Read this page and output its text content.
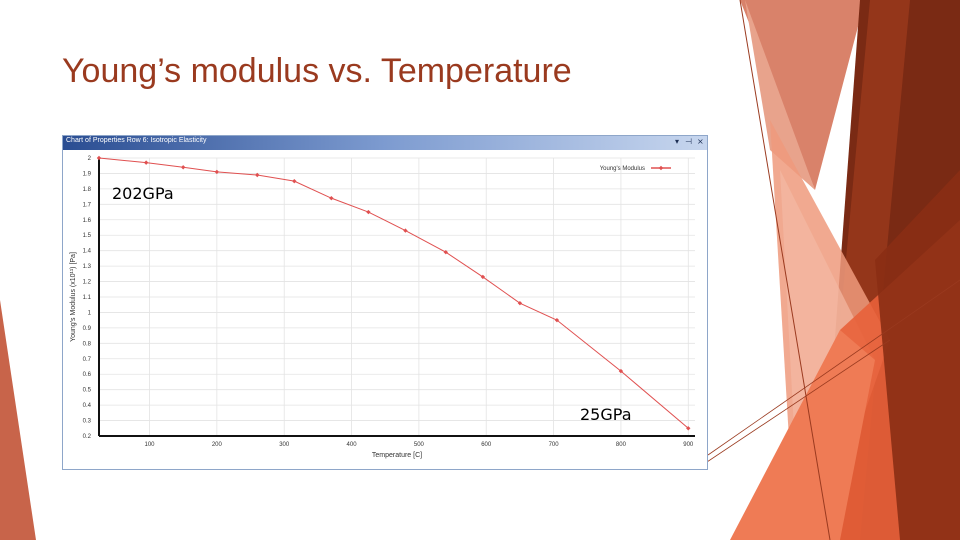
Young’s modulus vs. Temperature
Chart of Properties Row 6: Isotropic Elasticity	▾ ⊣ ×
0.2
0.3
0.4
0.5
0.6
0.7
0.8
0.9
1
1.1
1.2
1.3
1.4
1.5
1.6
1.7
1.8
1.9
2
100	200	300	400	500	600	700	800	900
Temperature [C]
Young's Modulus (x10¹¹) [Pa]
Young's Modulus
202GPa
25GPa
